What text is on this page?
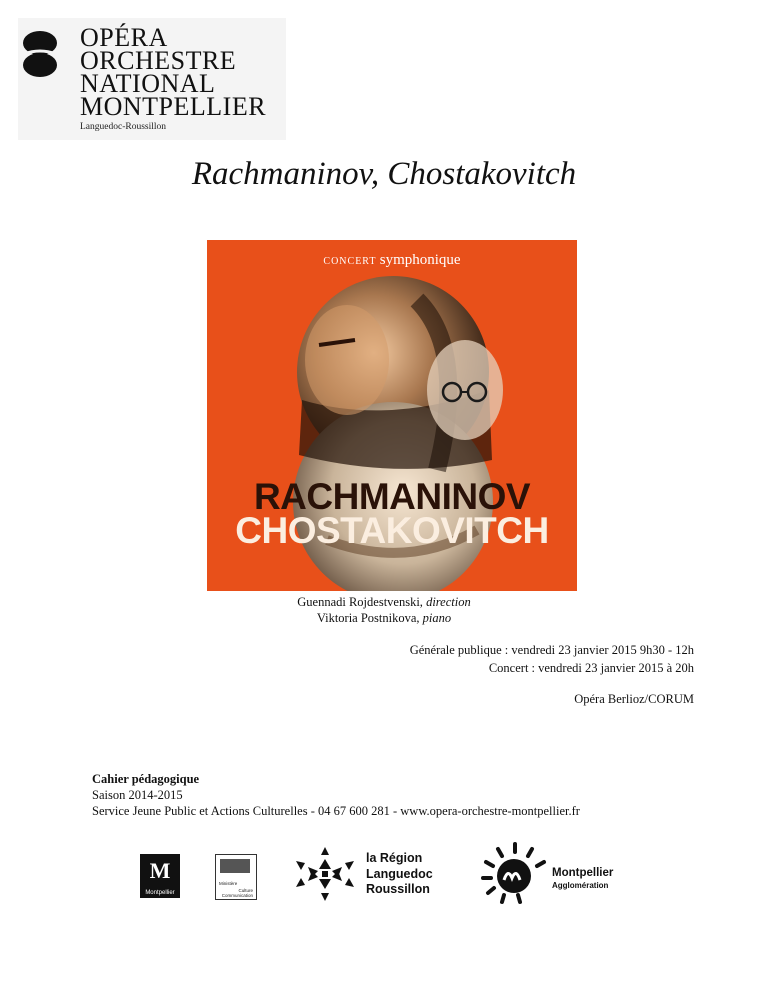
OPÉRA
ORCHESTRE
NATIONAL
MONTPELLIER
Languedoc-Roussillon
Rachmaninov, Chostakovitch
CONCERT symphonique
RACHMANINOV
CHOSTAKOVITCH
Guennadi Rojdestvenski, direction
Viktoria Postnikova, piano
Générale publique : vendredi 23 janvier 2015 9h30 - 12h
Concert : vendredi 23 janvier 2015 à 20h
Opéra Berlioz/CORUM
Cahier pédagogique
Saison 2014-2015
Service Jeune Public et Actions Culturelles - 04 67 600 281 - www.opera-orchestre-montpellier.fr
M
Montpellier
Ministère
Culture
Communication
la Région
Languedoc
Roussillon
Montpellier
Agglomération
